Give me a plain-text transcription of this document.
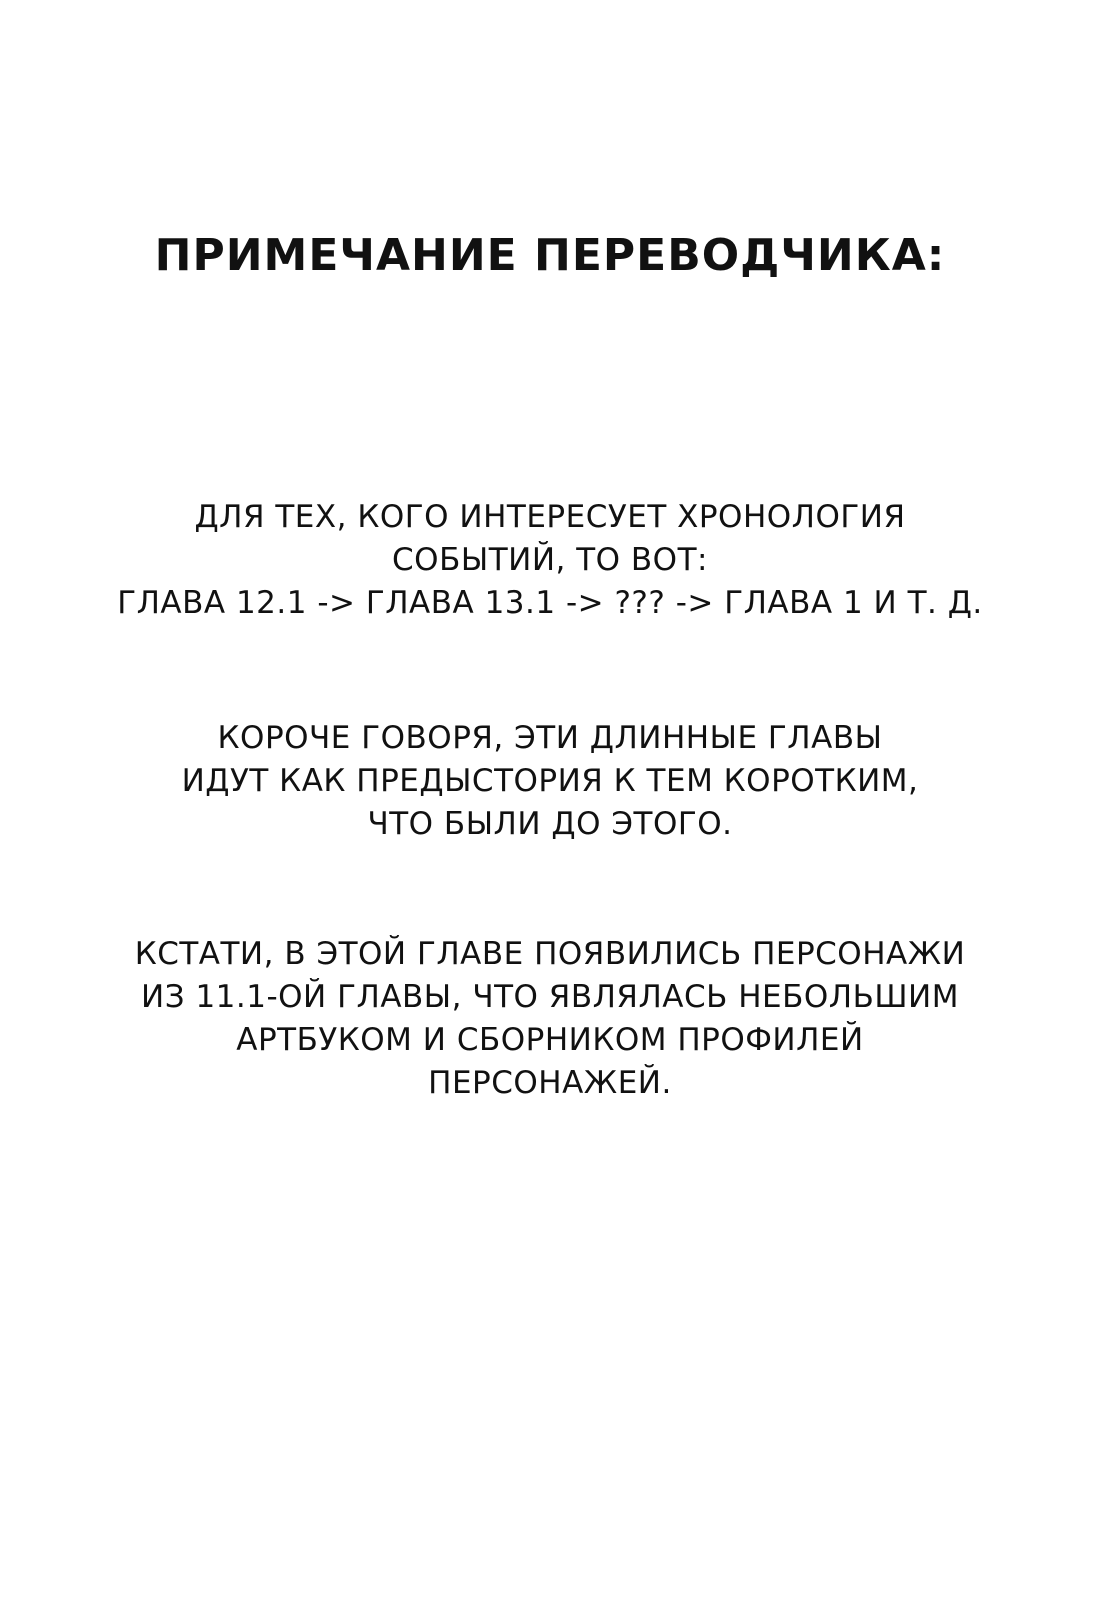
ПРИМЕЧАНИЕ ПЕРЕВОДЧИКА:

ДЛЯ ТЕХ, КОГО ИНТЕРЕСУЕТ ХРОНОЛОГИЯ
СОБЫТИЙ, ТО ВОТ:
ГЛАВА 12.1 -> ГЛАВА 13.1 -> ??? -> ГЛАВА 1 И Т. Д.

КОРОЧЕ ГОВОРЯ, ЭТИ ДЛИННЫЕ ГЛАВЫ
ИДУТ КАК ПРЕДЫСТОРИЯ К ТЕМ КОРОТКИМ,
ЧТО БЫЛИ ДО ЭТОГО.

КСТАТИ, В ЭТОЙ ГЛАВЕ ПОЯВИЛИСЬ ПЕРСОНАЖИ
ИЗ 11.1-ОЙ ГЛАВЫ, ЧТО ЯВЛЯЛАСЬ НЕБОЛЬШИМ
АРТБУКОМ И СБОРНИКОМ ПРОФИЛЕЙ
ПЕРСОНАЖЕЙ.
